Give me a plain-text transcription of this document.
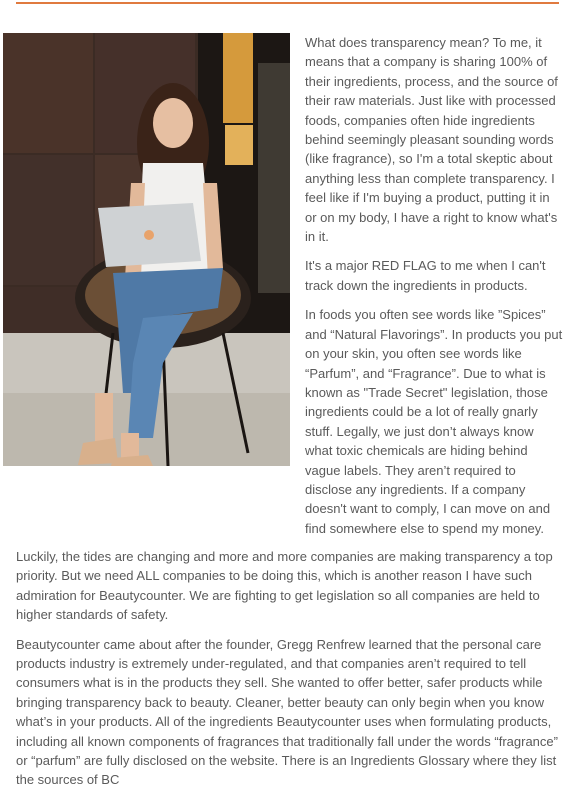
What does transparency mean? To me, it means that a company is sharing 100% of their ingredients, process, and the source of their raw materials. Just like with processed foods, companies often hide ingredients behind seemingly pleasant sounding words (like fragrance), so I'm a total skeptic about anything less than complete transparency. I feel like if I'm buying a product, putting it in or on my body, I have a right to know what's in it.

It's a major RED FLAG to me when I can't track down the ingredients in products.

In foods you often see words like ”Spices” and “Natural Flavorings”. In products you put on your skin, you often see words like “Parfum”, and “Fragrance”. Due to what is known as "Trade Secret" legislation, those ingredients could be a lot of really gnarly stuff. Legally, we just don’t always know what toxic chemicals are hiding behind vague labels. They aren’t required to disclose any ingredients. If a company doesn't want to comply, I can move on and find somewhere else to spend my money.

Luckily, the tides are changing and more and more companies are making transparency a top priority. But we need ALL companies to be doing this, which is another reason I have such admiration for Beautycounter. We are fighting to get legislation so all companies are held to higher standards of safety.

Beautycounter came about after the founder, Gregg Renfrew learned that the personal care products industry is extremely under-regulated, and that companies aren’t required to tell consumers what is in the products they sell. She wanted to offer better, safer products while bringing transparency back to beauty. Cleaner, better beauty can only begin when you know what’s in your products. All of the ingredients Beautycounter uses when formulating products, including all known components of fragrances that traditionally fall under the words “fragrance” or “parfum” are fully disclosed on the website. There is an Ingredients Glossary where they list the sources of BC
